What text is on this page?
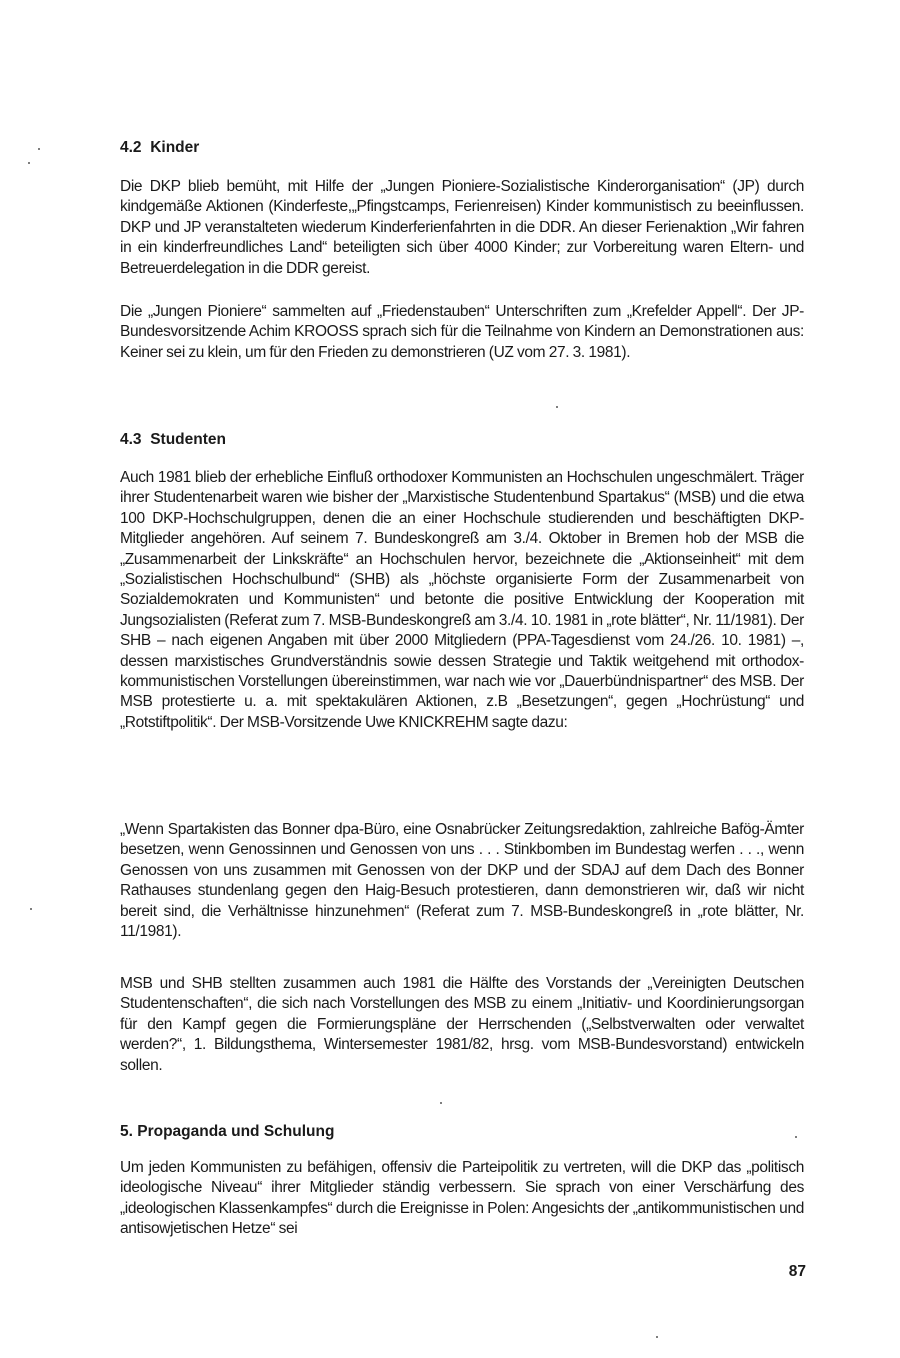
4.2 Kinder

Die DKP blieb bemüht, mit Hilfe der „Jungen Pioniere-Sozialistische Kinderorganisation“ (JP) durch kindgemäße Aktionen (Kinderfeste,„Pfingstcamps, Ferienreisen) Kinder kommunistisch zu beeinflussen. DKP und JP veranstalteten wiederum Kinderferienfahrten in die DDR. An dieser Ferienaktion „Wir fahren in ein kinderfreundliches Land“ beteiligten sich über 4000 Kinder; zur Vorbereitung waren Eltern- und Betreuerdelegation in die DDR gereist.

Die „Jungen Pioniere“ sammelten auf „Friedenstauben“ Unterschriften zum „Krefelder Appell“. Der JP-Bundesvorsitzende Achim KROOSS sprach sich für die Teilnahme von Kindern an Demonstrationen aus: Keiner sei zu klein, um für den Frieden zu demonstrieren (UZ vom 27. 3. 1981).

4.3 Studenten

Auch 1981 blieb der erhebliche Einfluß orthodoxer Kommunisten an Hochschulen ungeschmälert. Träger ihrer Studentenarbeit waren wie bisher der „Marxistische Studentenbund Spartakus“ (MSB) und die etwa 100 DKP-Hochschulgruppen, denen die an einer Hochschule studierenden und beschäftigten DKP-Mitglieder angehören. Auf seinem 7. Bundeskongreß am 3./4. Oktober in Bremen hob der MSB die „Zusammenarbeit der Linkskräfte“ an Hochschulen hervor, bezeichnete die „Aktionseinheit“ mit dem „Sozialistischen Hochschulbund“ (SHB) als „höchste organisierte Form der Zusammenarbeit von Sozialdemokraten und Kommunisten“ und betonte die positive Entwicklung der Kooperation mit Jungsozialisten (Referat zum 7. MSB-Bundeskongreß am 3./4. 10. 1981 in „rote blätter“, Nr. 11/1981). Der SHB – nach eigenen Angaben mit über 2000 Mitgliedern (PPA-Tagesdienst vom 24./26. 10. 1981) –, dessen marxistisches Grundverständnis sowie dessen Strategie und Taktik weitgehend mit orthodox-kommunistischen Vorstellungen übereinstimmen, war nach wie vor „Dauerbündnispartner“ des MSB. Der MSB protestierte u. a. mit spektakulären Aktionen, z.B „Besetzungen“, gegen „Hochrüstung“ und „Rotstiftpolitik“. Der MSB-Vorsitzende Uwe KNICKREHM sagte dazu:

„Wenn Spartakisten das Bonner dpa-Büro, eine Osnabrücker Zeitungsredaktion, zahlreiche Bafög-Ämter besetzen, wenn Genossinnen und Genossen von uns . . . Stinkbomben im Bundestag werfen . . ., wenn Genossen von uns zusammen mit Genossen von der DKP und der SDAJ auf dem Dach des Bonner Rathauses stundenlang gegen den Haig-Besuch protestieren, dann demonstrieren wir, daß wir nicht bereit sind, die Verhältnisse hinzunehmen“ (Referat zum 7. MSB-Bundeskongreß in „rote blätter, Nr. 11/1981).

MSB und SHB stellten zusammen auch 1981 die Hälfte des Vorstands der „Vereinigten Deutschen Studentenschaften“, die sich nach Vorstellungen des MSB zu einem „Initiativ- und Koordinierungsorgan für den Kampf gegen die Formierungspläne der Herrschenden („Selbstverwalten oder verwaltet werden?“, 1. Bildungsthema, Wintersemester 1981/82, hrsg. vom MSB-Bundesvorstand) entwickeln sollen.

5. Propaganda und Schulung

Um jeden Kommunisten zu befähigen, offensiv die Parteipolitik zu vertreten, will die DKP das „politisch ideologische Niveau“ ihrer Mitglieder ständig verbessern. Sie sprach von einer Verschärfung des „ideologischen Klassenkampfes“ durch die Ereignisse in Polen: Angesichts der „antikommunistischen und antisowjetischen Hetze“ sei

87
